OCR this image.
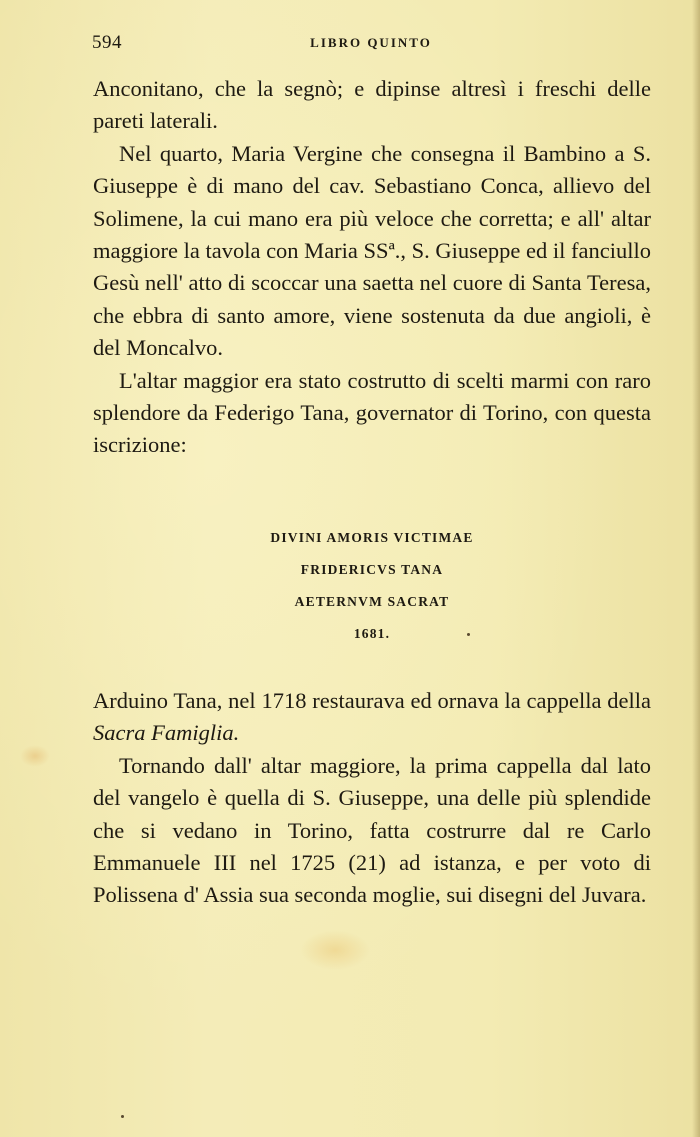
594	LIBRO QUINTO

Anconitano, che la segnò; e dipinse altresì i freschi delle pareti laterali.

Nel quarto, Maria Vergine che consegna il Bambino a S. Giuseppe è di mano del cav. Sebastiano Conca, allievo del Solimene, la cui mano era più veloce che corretta; e all' altar maggiore la tavola con Maria SSª., S. Giuseppe ed il fanciullo Gesù nell' atto di scoccar una saetta nel cuore di Santa Teresa, che ebbra di santo amore, viene sostenuta da due angioli, è del Moncalvo.

L'altar maggior era stato costrutto di scelti marmi con raro splendore da Federigo Tana, governator di Torino, con questa iscrizione:

DIVINI AMORIS VICTIMAE
FRIDERICVS TANA
AETERNVM SACRAT
1681.

Arduino Tana, nel 1718 restaurava ed ornava la cappella della Sacra Famiglia.

Tornando dall' altar maggiore, la prima cappella dal lato del vangelo è quella di S. Giuseppe, una delle più splendide che si vedano in Torino, fatta costrurre dal re Carlo Emmanuele III nel 1725 (21) ad istanza, e per voto di Polissena d' Assia sua seconda moglie, sui disegni del Juvara.
